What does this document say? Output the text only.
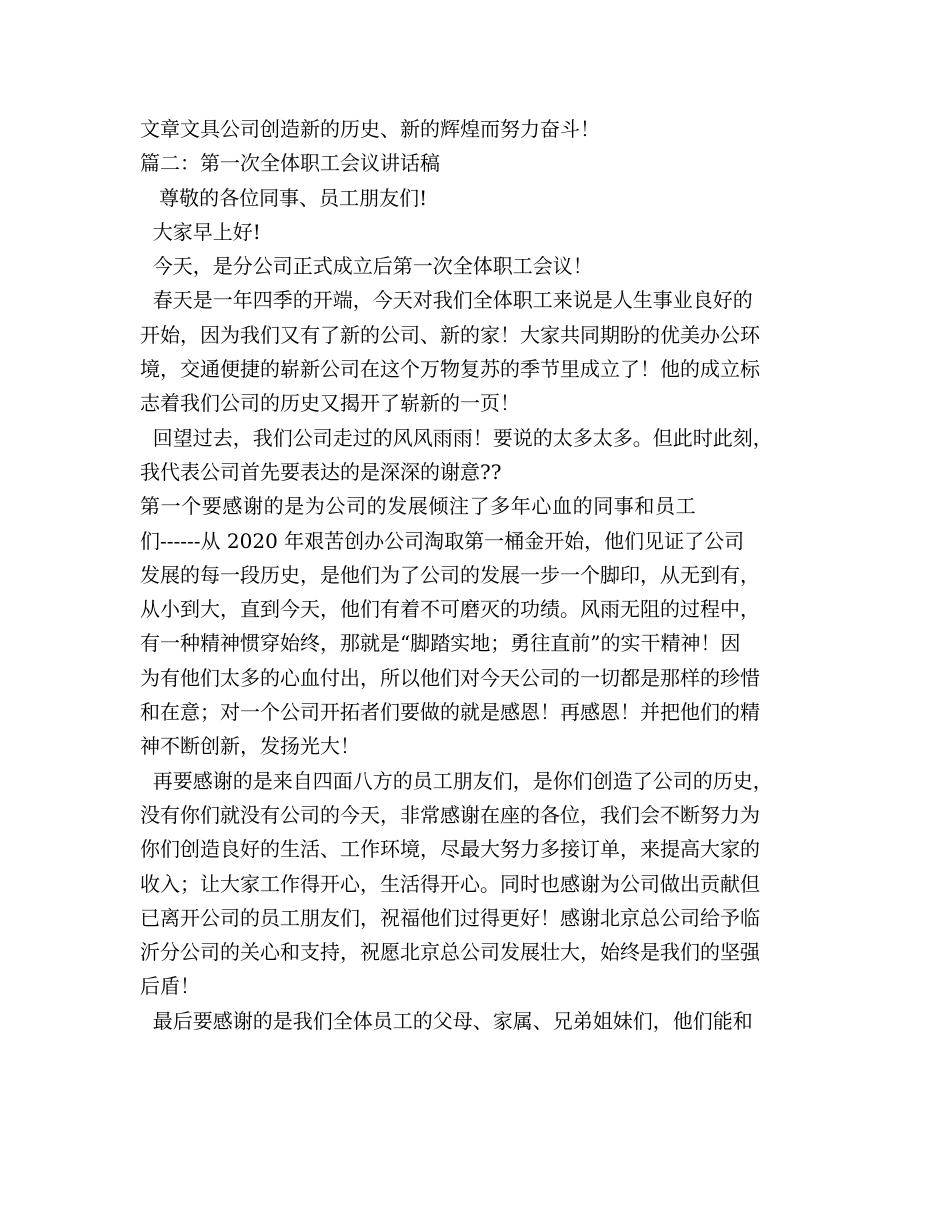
文章文具公司创造新的历史、新的辉煌而努力奋斗！
篇二：第一次全体职工会议讲话稿
尊敬的各位同事、员工朋友们!
大家早上好!
今天，是分公司正式成立后第一次全体职工会议！
春天是一年四季的开端，今天对我们全体职工来说是人生事业良好的
开始，因为我们又有了新的公司、新的家！大家共同期盼的优美办公环
境，交通便捷的崭新公司在这个万物复苏的季节里成立了！他的成立标
志着我们公司的历史又揭开了崭新的一页！
回望过去，我们公司走过的风风雨雨！要说的太多太多。但此时此刻，
我代表公司首先要表达的是深深的谢意??
第一个要感谢的是为公司的发展倾注了多年心血的同事和员工
们------从 2020 年艰苦创办公司淘取第一桶金开始，他们见证了公司
发展的每一段历史，是他们为了公司的发展一步一个脚印，从无到有，
从小到大，直到今天，他们有着不可磨灭的功绩。风雨无阻的过程中，
有一种精神惯穿始终，那就是“脚踏实地；勇往直前”的实干精神！因
为有他们太多的心血付出，所以他们对今天公司的一切都是那样的珍惜
和在意；对一个公司开拓者们要做的就是感恩！再感恩！并把他们的精
神不断创新，发扬光大！
再要感谢的是来自四面八方的员工朋友们，是你们创造了公司的历史，
没有你们就没有公司的今天，非常感谢在座的各位，我们会不断努力为
你们创造良好的生活、工作环境，尽最大努力多接订单，来提高大家的
收入；让大家工作得开心，生活得开心。同时也感谢为公司做出贡献但
已离开公司的员工朋友们，祝福他们过得更好！感谢北京总公司给予临
沂分公司的关心和支持，祝愿北京总公司发展壮大，始终是我们的坚强
后盾！
最后要感谢的是我们全体员工的父母、家属、兄弟姐妹们，他们能和
